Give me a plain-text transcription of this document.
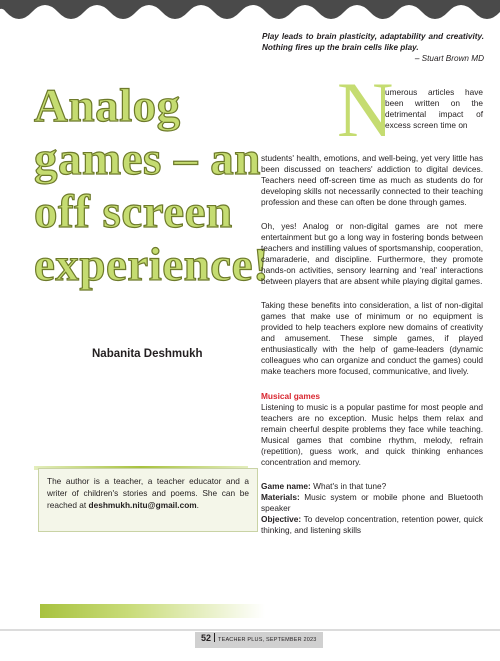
Play leads to brain plasticity, adaptability and creativity. Nothing fires up the brain cells like play.
– Stuart Brown MD
Analog
games – an
off screen
experience!
Nabanita Deshmukh
The author is a teacher, a teacher educator and a writer of children's stories and poems. She can be reached at deshmukh.nitu@gmail.com.
N
umerous articles have been written on the detrimental impact of excess screen time on

students' health, emotions, and well-being, yet very little has been discussed on teachers' addiction to digital devices. Teachers need off-screen time as much as students do for developing skills not necessarily connected to their teaching profession and these can often be done through games.

Oh, yes! Analog or non-digital games are not mere entertainment but go a long way in fostering bonds between teachers and instilling values of sportsmanship, cooperation, camaraderie, and discipline. Furthermore, they promote hands-on activities, sensory learning and 'real' interactions between players that are absent while playing digital games.

Taking these benefits into consideration, a list of non-digital games that make use of minimum or no equipment is provided to help teachers explore new domains of creativity and amusement. These simple games, if played enthusiastically with the help of game-leaders (dynamic colleagues who can organize and conduct the games) could make teachers more focused, communicative, and lively.

Musical games

Listening to music is a popular pastime for most people and teachers are no exception. Music helps them relax and remain cheerful despite problems they face while teaching. Musical games that combine rhythm, melody, refrain (repetition), guess work, and quick thinking enhances concentration and memory.

Game name: What's in that tune?

Materials: Music system or mobile phone and Bluetooth speaker

Objective: To develop concentration, retention power, quick thinking, and listening skills

52 TEACHER PLUS, SEPTEMBER 2023
